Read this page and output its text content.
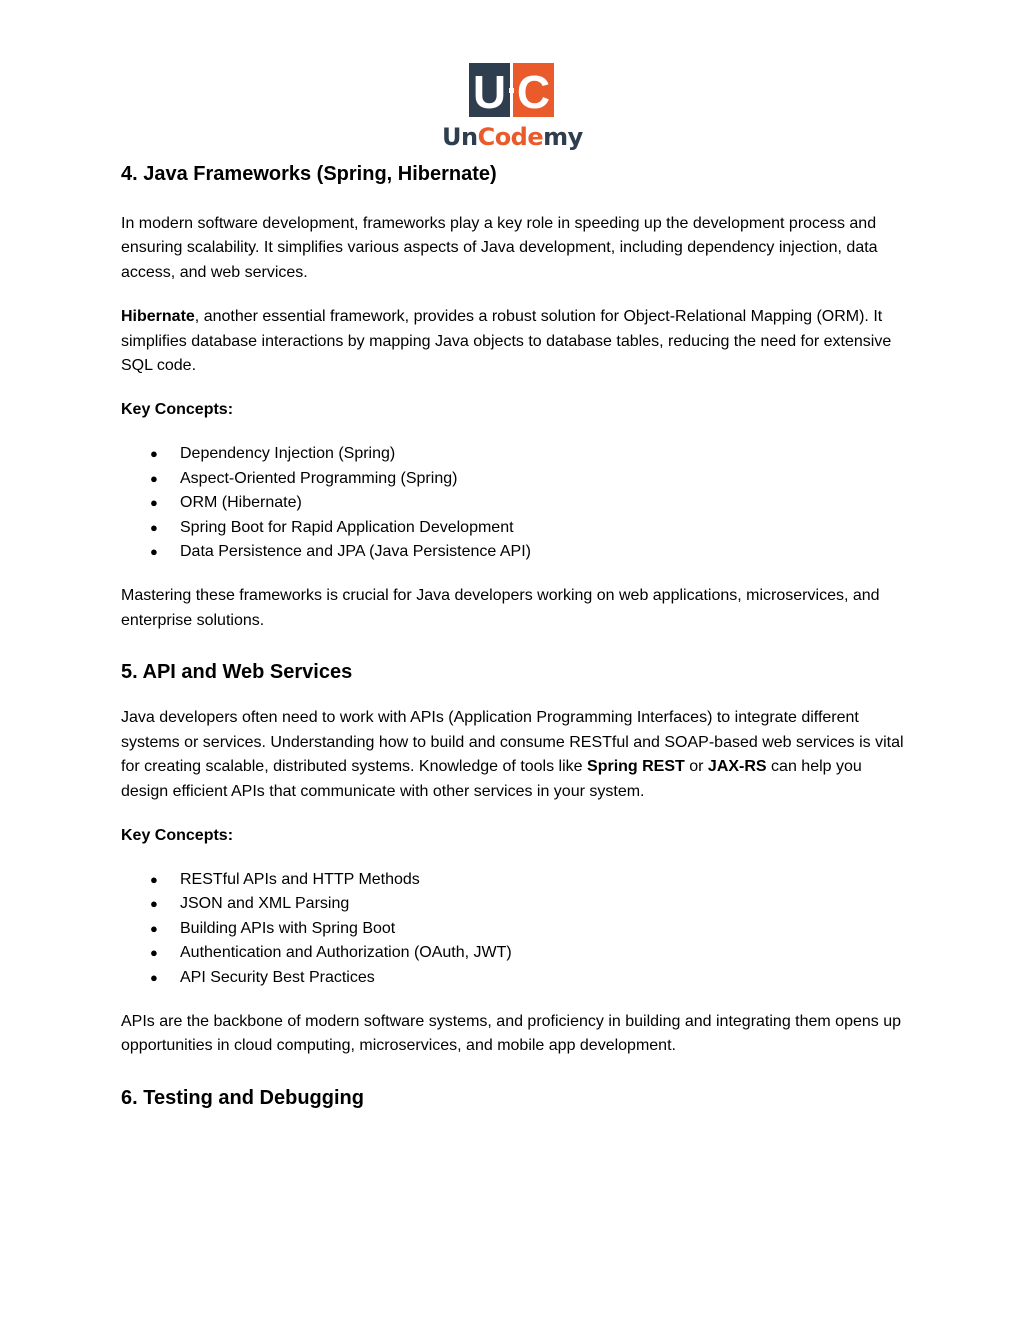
U C
UnCodemy
4. Java Frameworks (Spring, Hibernate)

In modern software development, frameworks play a key role in speeding up the development process and ensuring scalability. It simplifies various aspects of Java development, including dependency injection, data access, and web services.

Hibernate, another essential framework, provides a robust solution for Object-Relational Mapping (ORM). It simplifies database interactions by mapping Java objects to database tables, reducing the need for extensive SQL code.

Key Concepts:

● Dependency Injection (Spring)
● Aspect-Oriented Programming (Spring)
● ORM (Hibernate)
● Spring Boot for Rapid Application Development
● Data Persistence and JPA (Java Persistence API)

Mastering these frameworks is crucial for Java developers working on web applications, microservices, and enterprise solutions.

5. API and Web Services

Java developers often need to work with APIs (Application Programming Interfaces) to integrate different systems or services. Understanding how to build and consume RESTful and SOAP-based web services is vital for creating scalable, distributed systems. Knowledge of tools like Spring REST or JAX-RS can help you design efficient APIs that communicate with other services in your system.

Key Concepts:

● RESTful APIs and HTTP Methods
● JSON and XML Parsing
● Building APIs with Spring Boot
● Authentication and Authorization (OAuth, JWT)
● API Security Best Practices

APIs are the backbone of modern software systems, and proficiency in building and integrating them opens up opportunities in cloud computing, microservices, and mobile app development.

6. Testing and Debugging
